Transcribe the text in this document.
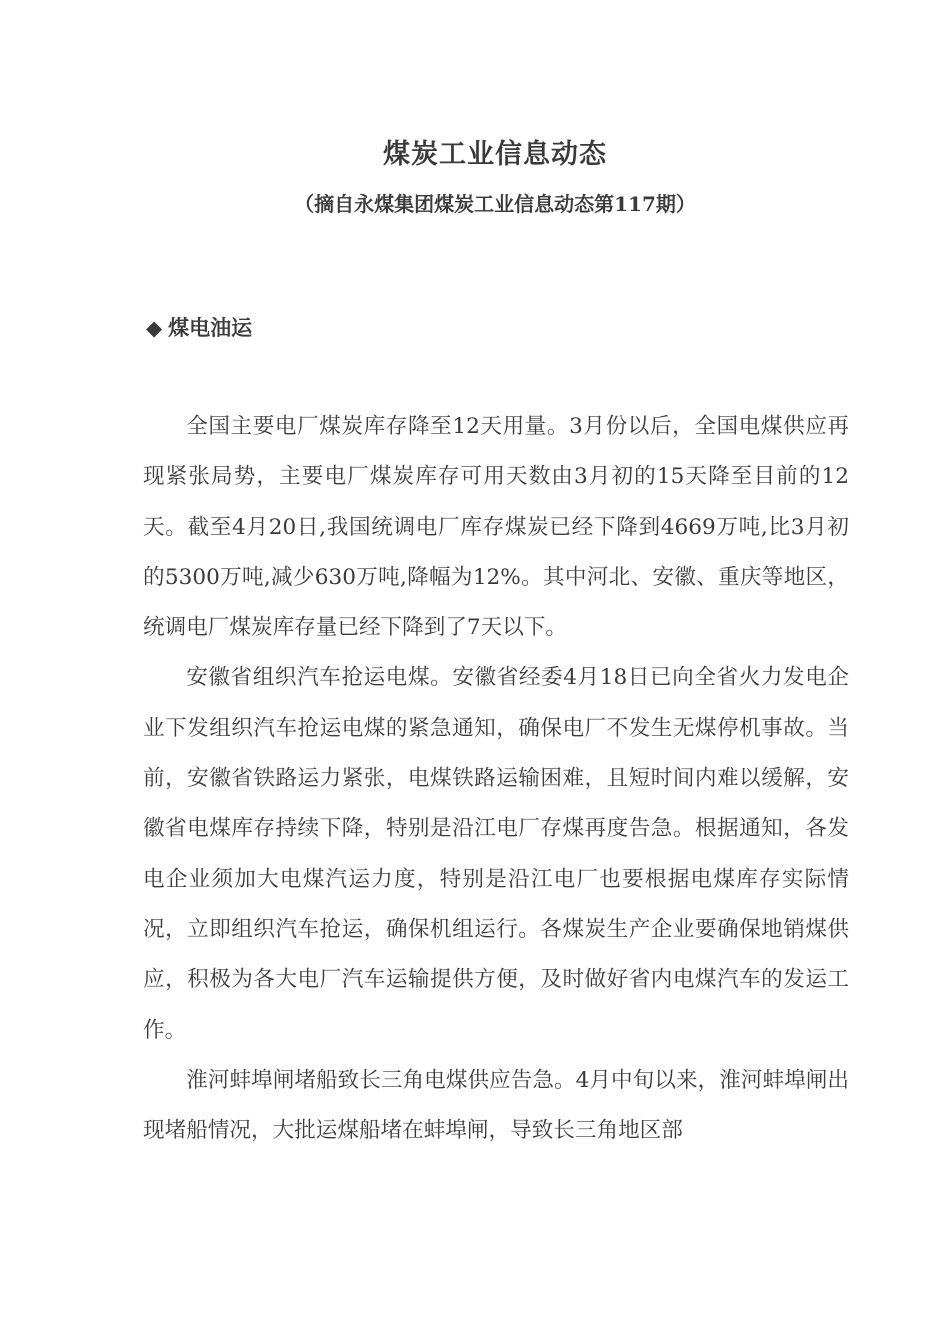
煤炭工业信息动态
（摘自永煤集团煤炭工业信息动态第117期）
◆ 煤电油运

全国主要电厂煤炭库存降至12天用量。3月份以后，全国电煤供应再现紧张局势，主要电厂煤炭库存可用天数由3月初的15天降至目前的12天。截至4月20日,我国统调电厂库存煤炭已经下降到4669万吨,比3月初的5300万吨,减少630万吨,降幅为12%。其中河北、安徽、重庆等地区，统调电厂煤炭库存量已经下降到了7天以下。

安徽省组织汽车抢运电煤。安徽省经委4月18日已向全省火力发电企业下发组织汽车抢运电煤的紧急通知，确保电厂不发生无煤停机事故。当前，安徽省铁路运力紧张，电煤铁路运输困难，且短时间内难以缓解，安徽省电煤库存持续下降，特别是沿江电厂存煤再度告急。根据通知，各发电企业须加大电煤汽运力度，特别是沿江电厂也要根据电煤库存实际情况，立即组织汽车抢运，确保机组运行。各煤炭生产企业要确保地销煤供应，积极为各大电厂汽车运输提供方便，及时做好省内电煤汽车的发运工作。

淮河蚌埠闸堵船致长三角电煤供应告急。4月中旬以来，淮河蚌埠闸出现堵船情况，大批运煤船堵在蚌埠闸，导致长三角地区部
